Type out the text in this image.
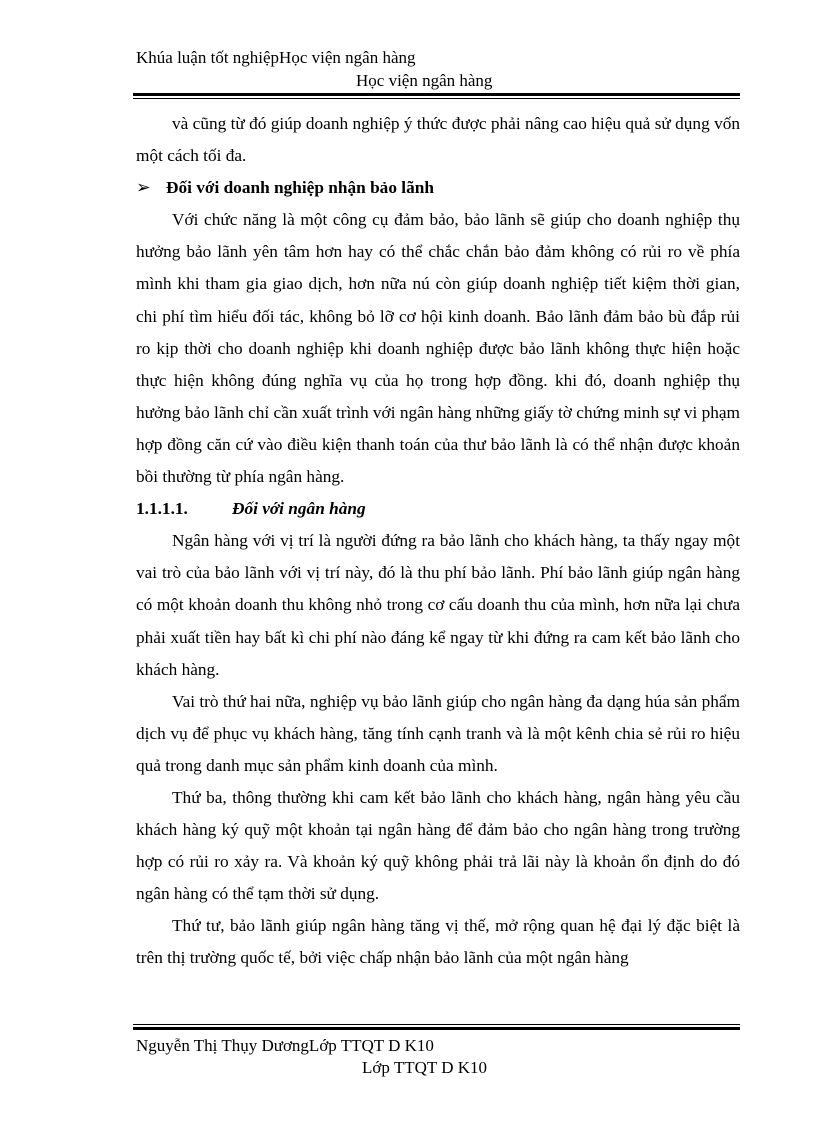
Khúa luận tốt nghiệpHọc viện ngân hàng
Học viện ngân hàng

và cũng từ đó giúp doanh nghiệp ý thức được phải nâng cao hiệu quả sử dụng vốn một cách tối đa.

➢ Đối với doanh nghiệp nhận bảo lãnh

Với chức năng là một công cụ đảm bảo, bảo lãnh sẽ giúp cho doanh nghiệp thụ hưởng bảo lãnh yên tâm hơn hay có thể chắc chắn bảo đảm không có rủi ro về phía mình khi tham gia giao dịch, hơn nữa nú còn giúp doanh nghiệp tiết kiệm thời gian, chi phí tìm hiểu đối tác, không bỏ lỡ cơ hội kinh doanh. Bảo lãnh đảm bảo bù đắp rủi ro kịp thời cho doanh nghiệp khi doanh nghiệp được bảo lãnh không thực hiện hoặc thực hiện không đúng nghĩa vụ của họ trong hợp đồng. khi đó, doanh nghiệp thụ hưởng bảo lãnh chỉ cần xuất trình với ngân hàng những giấy tờ chứng minh sự vi phạm hợp đồng căn cứ vào điều kiện thanh toán của thư bảo lãnh là có thể nhận được khoản bồi thường từ phía ngân hàng.

1.1.1.1.	Đối với ngân hàng

Ngân hàng với vị trí là người đứng ra bảo lãnh cho khách hàng, ta thấy ngay một vai trò của bảo lãnh với vị trí này, đó là thu phí bảo lãnh. Phí bảo lãnh giúp ngân hàng có một khoản doanh thu không nhỏ trong cơ cấu doanh thu của mình, hơn nữa lại chưa phải xuất tiền hay bất kì chi phí nào đáng kể ngay từ khi đứng ra cam kết bảo lãnh cho khách hàng.

Vai trò thứ hai nữa, nghiệp vụ bảo lãnh giúp cho ngân hàng đa dạng húa sản phẩm dịch vụ để phục vụ khách hàng, tăng tính cạnh tranh và là một kênh chia sẻ rủi ro hiệu quả trong danh mục sản phẩm kinh doanh của mình.

Thứ ba, thông thường khi cam kết bảo lãnh cho khách hàng, ngân hàng yêu cầu khách hàng ký quỹ một khoản tại ngân hàng để đảm bảo cho ngân hàng trong trường hợp có rủi ro xảy ra. Và khoản ký quỹ không phải trả lãi này là khoản ổn định do đó ngân hàng có thể tạm thời sử dụng.

Thứ tư, bảo lãnh giúp ngân hàng tăng vị thế, mở rộng quan hệ đại lý đặc biệt là trên thị trường quốc tế, bởi việc chấp nhận bảo lãnh của một ngân hàng

Nguyễn Thị Thụy DươngLớp TTQT D K10
Lớp TTQT D K10
